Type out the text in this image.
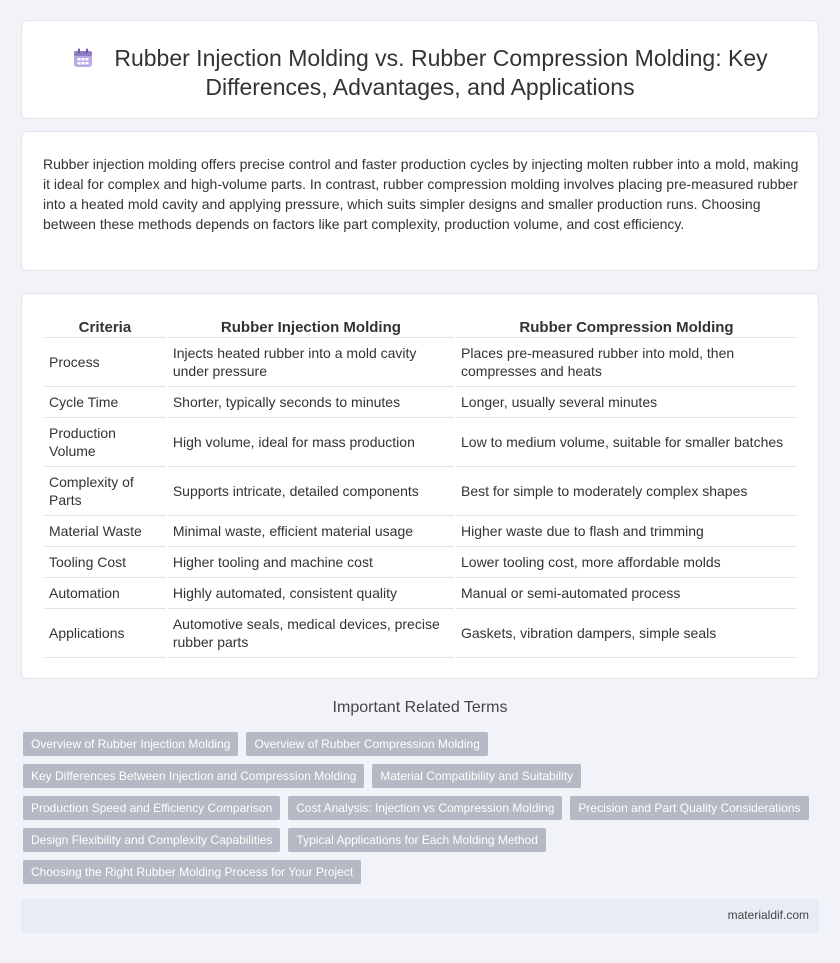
Rubber Injection Molding vs. Rubber Compression Molding: Key
Differences, Advantages, and Applications

Rubber injection molding offers precise control and faster production cycles by injecting molten rubber into a mold, making it ideal for complex and high-volume parts. In contrast, rubber compression molding involves placing pre-measured rubber into a heated mold cavity and applying pressure, which suits simpler designs and smaller production runs. Choosing between these methods depends on factors like part complexity, production volume, and cost efficiency.

Criteria	Rubber Injection Molding	Rubber Compression Molding
Process	Injects heated rubber into a mold cavity under pressure	Places pre-measured rubber into mold, then compresses and heats
Cycle Time	Shorter, typically seconds to minutes	Longer, usually several minutes
Production Volume	High volume, ideal for mass production	Low to medium volume, suitable for smaller batches
Complexity of Parts	Supports intricate, detailed components	Best for simple to moderately complex shapes
Material Waste	Minimal waste, efficient material usage	Higher waste due to flash and trimming
Tooling Cost	Higher tooling and machine cost	Lower tooling cost, more affordable molds
Automation	Highly automated, consistent quality	Manual or semi-automated process
Applications	Automotive seals, medical devices, precise rubber parts	Gaskets, vibration dampers, simple seals
Important Related Terms
Overview of Rubber Injection Molding	Overview of Rubber Compression Molding
Key Differences Between Injection and Compression Molding	Material Compatibility and Suitability
Production Speed and Efficiency Comparison	Cost Analysis: Injection vs Compression Molding	Precision and Part Quality Considerations
Design Flexibility and Complexity Capabilities	Typical Applications for Each Molding Method
Choosing the Right Rubber Molding Process for Your Project
materialdif.com
